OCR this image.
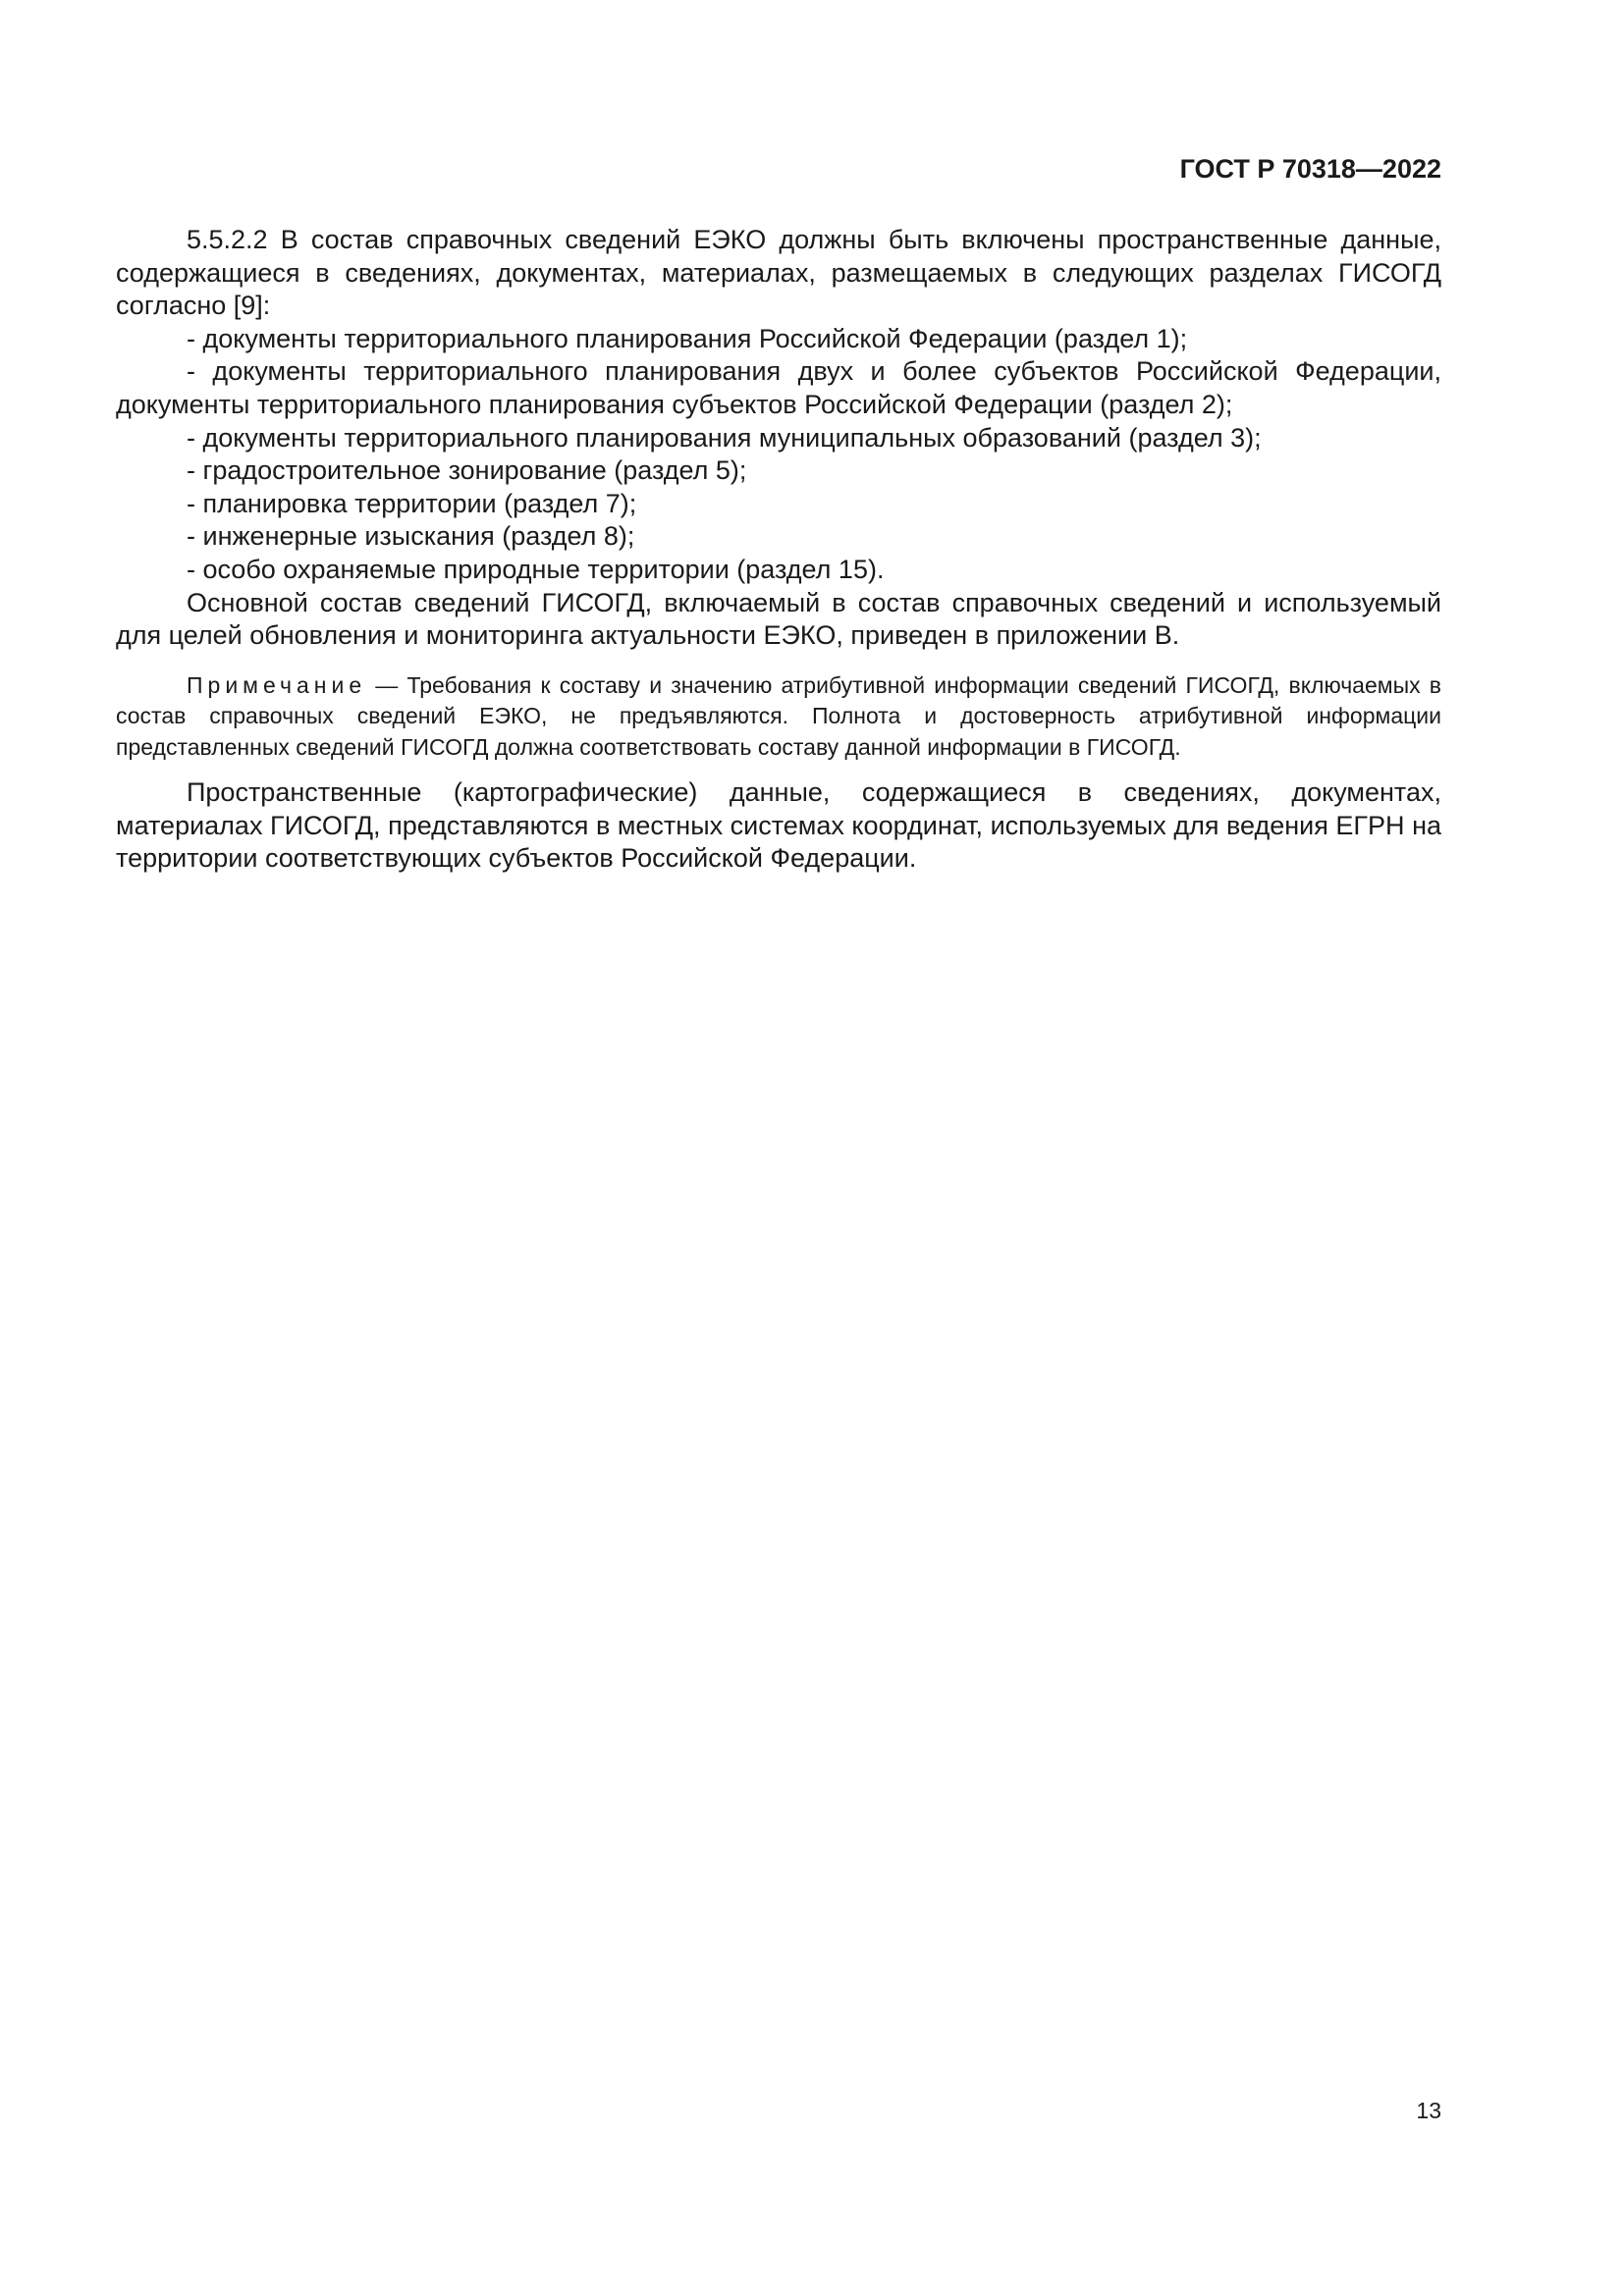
ГОСТ Р 70318—2022

5.5.2.2 В состав справочных сведений ЕЭКО должны быть включены пространственные данные, содержащиеся в сведениях, документах, материалах, размещаемых в следующих разделах ГИСОГД согласно [9]:

- документы территориального планирования Российской Федерации (раздел 1);

- документы территориального планирования двух и более субъектов Российской Федерации, документы территориального планирования субъектов Российской Федерации (раздел 2);

- документы территориального планирования муниципальных образований (раздел 3);

- градостроительное зонирование (раздел 5);

- планировка территории (раздел 7);

- инженерные изыскания (раздел 8);

- особо охраняемые природные территории (раздел 15).

Основной состав сведений ГИСОГД, включаемый в состав справочных сведений и используемый для целей обновления и мониторинга актуальности ЕЭКО, приведен в приложении В.

Примечание — Требования к составу и значению атрибутивной информации сведений ГИСОГД, включаемых в состав справочных сведений ЕЭКО, не предъявляются. Полнота и достоверность атрибутивной информации представленных сведений ГИСОГД должна соответствовать составу данной информации в ГИСОГД.

Пространственные (картографические) данные, содержащиеся в сведениях, документах, материалах ГИСОГД, представляются в местных системах координат, используемых для ведения ЕГРН на территории соответствующих субъектов Российской Федерации.

13
